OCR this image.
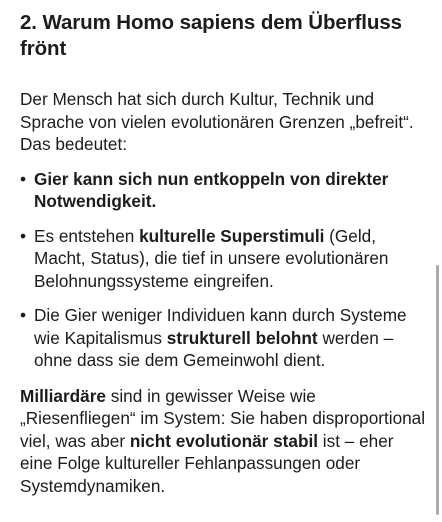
2. Warum Homo sapiens dem Überfluss frönt

Der Mensch hat sich durch Kultur, Technik und Sprache von vielen evolutionären Grenzen „befreit“. Das bedeutet:

• Gier kann sich nun entkoppeln von direkter Notwendigkeit.
• Es entstehen kulturelle Superstimuli (Geld, Macht, Status), die tief in unsere evolutionären Belohnungssysteme eingreifen.
• Die Gier weniger Individuen kann durch Systeme wie Kapitalismus strukturell belohnt werden – ohne dass sie dem Gemeinwohl dient.

Milliardäre sind in gewisser Weise wie „Riesenfliegen“ im System: Sie haben disproportional viel, was aber nicht evolutionär stabil ist – eher eine Folge kultureller Fehlanpassungen oder Systemdynamiken.
